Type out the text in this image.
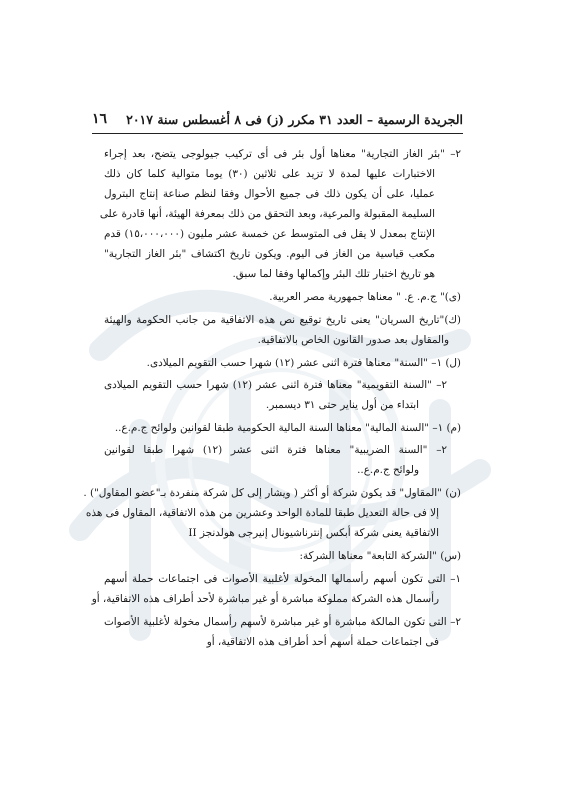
الجريدة الرسمية – العدد ٣١ مكرر (ز) فى ٨ أغسطس سنة ٢٠١٧
١٦
٢– "بئر الغاز التجارية" معناها أول بئر فى أى تركيب جيولوجى يتضح، بعد إجراء
الاختبارات عليها لمدة لا تزيد على ثلاثين (٣٠) يوما متوالية كلما كان ذلك
عمليا، على أن يكون ذلك فى جميع الأحوال وفقا لنظم صناعة إنتاج البترول
السليمة المقبولة والمرعية، وبعد التحقق من ذلك بمعرفة الهيئة، أنها قادرة على
الإنتاج بمعدل لا يقل فى المتوسط عن خمسة عشر مليون (١٥،٠٠٠،٠٠٠) قدم
مكعب قياسية من الغاز فى اليوم. ويكون تاريخ اكتشاف "بئر الغاز التجارية"
هو تاريخ اختبار تلك البئر وإكمالها وفقا لما سبق.
(ى)" ج.م. ع. " معناها جمهورية مصر العربية.
(ك)"تاريخ السريان" يعنى تاريخ توقيع نص هذه الاتفاقية من جانب الحكومة والهيئة
والمقاول بعد صدور القانون الخاص بالاتفاقية.
(ل) ١– "السنة" معناها فترة اثنى عشر (١٢) شهرا حسب التقويم الميلادى.
٢– "السنة التقويمية" معناها فترة اثنى عشر (١٢) شهرا حسب التقويم الميلادى
ابتداء من أول يناير حتى ٣١ ديسمبر.
(م) ١– "السنة المالية" معناها السنة المالية الحكومية طبقا لقوانين ولوائح ج.م.ع..
٢– "السنة الضريبية" معناها فترة اثنى عشر (١٢) شهرا طبقا لقوانين
ولوائح ج.م.ع..
(ن) "المقاول" قد يكون شركة أو أكثر ( ويشار إلى كل شركة منفردة بـ"عضو المقاول") .
إلا فى حالة التعديل طبقا للمادة الواحد وعشرين من هذه الاتفاقية، المقاول فى هذه
الاتفاقية يعنى شركة أبكس إنترناشيونال إنيرجى هولدنجز II
(س) "الشركة التابعة" معناها الشركة:
١– التى تكون أسهم رأسمالها المخولة لأغلبية الأصوات فى اجتماعات حملة أسهم
رأسمال هذه الشركة مملوكة مباشرة أو غير مباشرة لأحد أطراف هذه الاتفاقية، أو
٢– التى تكون المالكة مباشرة أو غير مباشرة لأسهم رأسمال مخولة لأغلبية الأصوات
فى اجتماعات حملة أسهم أحد أطراف هذه الاتفاقية، أو
